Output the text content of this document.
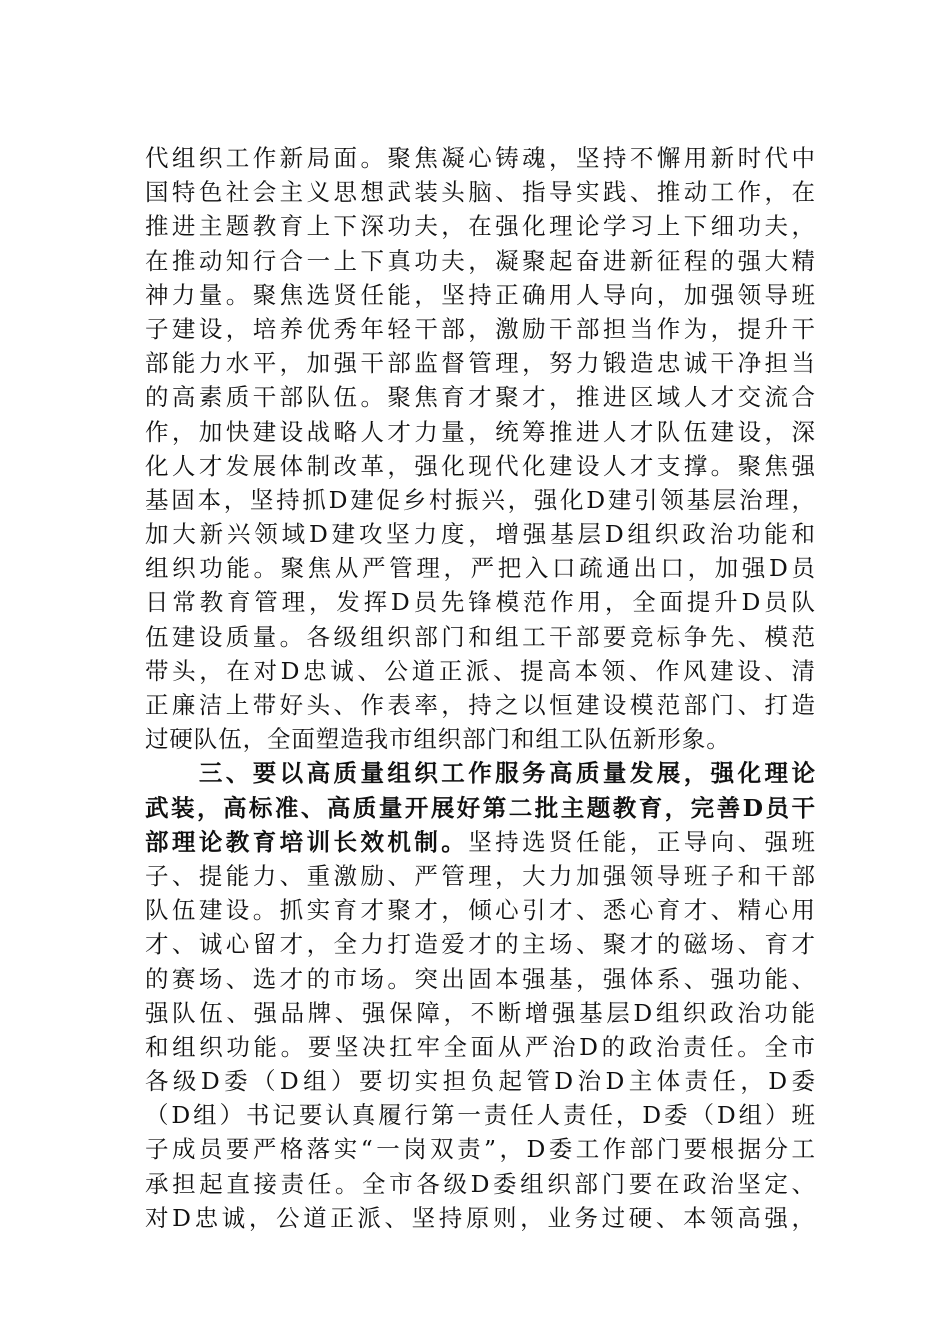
代组织工作新局面。聚焦凝心铸魂，坚持不懈用新时代中
国特色社会主义思想武装头脑、指导实践、推动工作，在
推进主题教育上下深功夫，在强化理论学习上下细功夫，
在推动知行合一上下真功夫，凝聚起奋进新征程的强大精
神力量。聚焦选贤任能，坚持正确用人导向，加强领导班
子建设，培养优秀年轻干部，激励干部担当作为，提升干
部能力水平，加强干部监督管理，努力锻造忠诚干净担当
的高素质干部队伍。聚焦育才聚才，推进区域人才交流合
作，加快建设战略人才力量，统筹推进人才队伍建设，深
化人才发展体制改革，强化现代化建设人才支撑。聚焦强
基固本，坚持抓D建促乡村振兴，强化D建引领基层治理，
加大新兴领域D建攻坚力度，增强基层D组织政治功能和
组织功能。聚焦从严管理，严把入口疏通出口，加强D员
日常教育管理，发挥D员先锋模范作用，全面提升D员队
伍建设质量。各级组织部门和组工干部要竞标争先、模范
带头，在对D忠诚、公道正派、提高本领、作风建设、清
正廉洁上带好头、作表率，持之以恒建设模范部门、打造
过硬队伍，全面塑造我市组织部门和组工队伍新形象。
　　三、要以高质量组织工作服务高质量发展，强化理论
武装，高标准、高质量开展好第二批主题教育，完善D员干
部理论教育培训长效机制。坚持选贤任能，正导向、强班
子、提能力、重激励、严管理，大力加强领导班子和干部
队伍建设。抓实育才聚才，倾心引才、悉心育才、精心用
才、诚心留才，全力打造爱才的主场、聚才的磁场、育才
的赛场、选才的市场。突出固本强基，强体系、强功能、
强队伍、强品牌、强保障，不断增强基层D组织政治功能
和组织功能。要坚决扛牢全面从严治D的政治责任。全市
各级D委（D组）要切实担负起管D治D主体责任，D委
（D组）书记要认真履行第一责任人责任，D委（D组）班
子成员要严格落实“一岗双责”，D委工作部门要根据分工
承担起直接责任。全市各级D委组织部门要在政治坚定、
对D忠诚，公道正派、坚持原则，业务过硬、本领高强，
